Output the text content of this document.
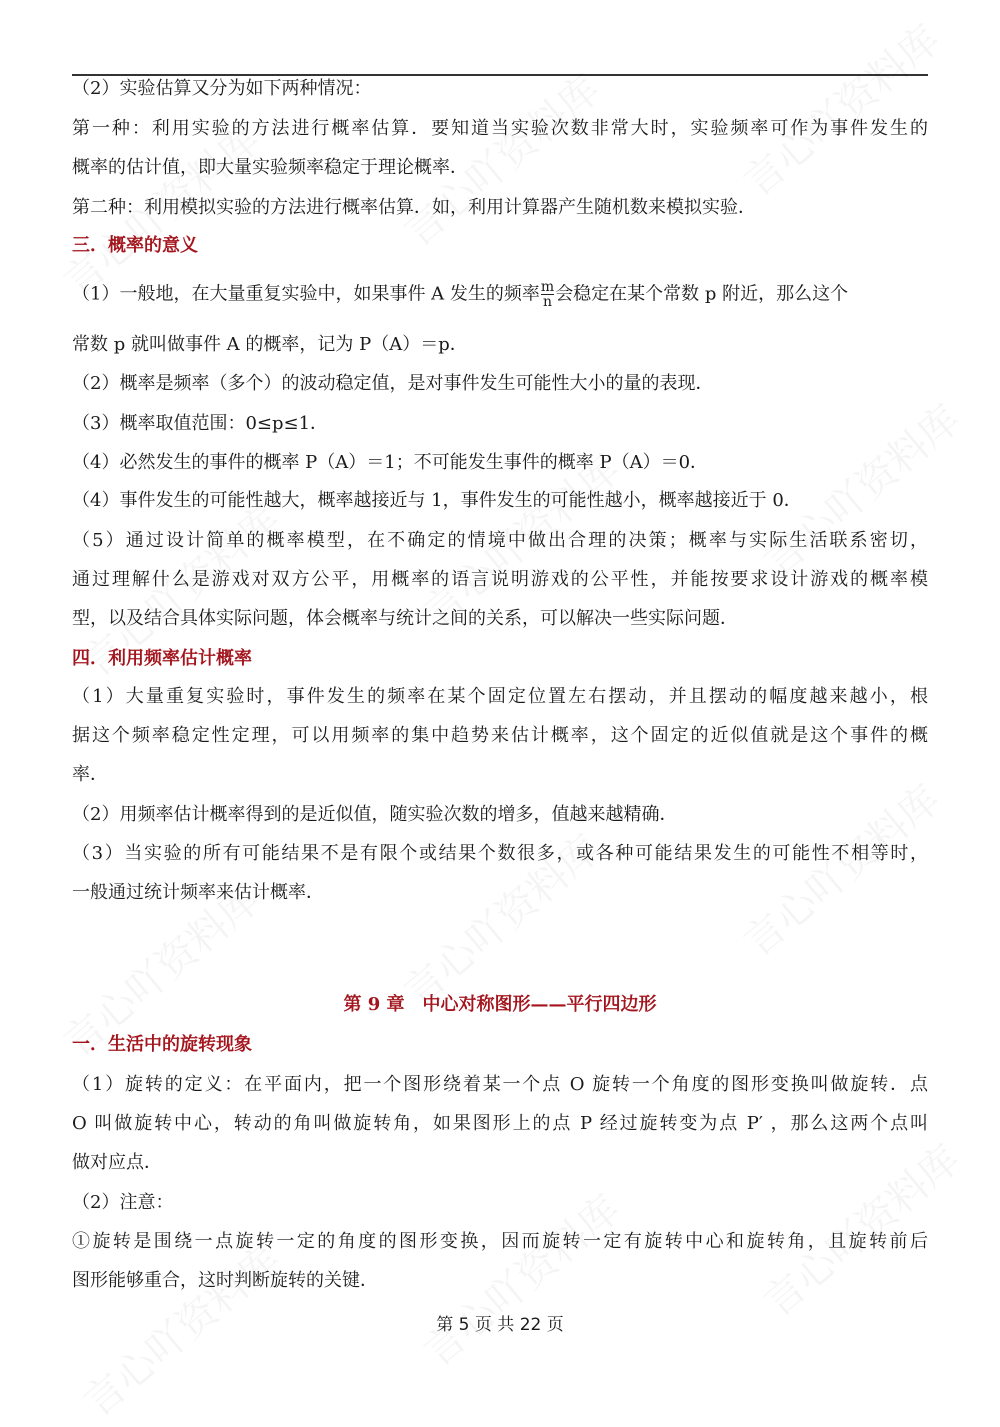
（2）实验估算又分为如下两种情况：
第一种：利用实验的方法进行概率估算．要知道当实验次数非常大时，实验频率可作为事件发生的
概率的估计值，即大量实验频率稳定于理论概率．
第二种：利用模拟实验的方法进行概率估算．如，利用计算器产生随机数来模拟实验．
三．概率的意义
（1）一般地，在大量重复实验中，如果事件 A 发生的频率 $\frac{m}{n}$ 会稳定在某个常数 p 附近，那么这个
常数 p 就叫做事件 A 的概率，记为 P（A）＝p．
（2）概率是频率（多个）的波动稳定值，是对事件发生可能性大小的量的表现．
（3）概率取值范围：0≤p≤1．
（4）必然发生的事件的概率 P（A）＝1；不可能发生事件的概率 P（A）＝0．
（4）事件发生的可能性越大，概率越接近与 1，事件发生的可能性越小，概率越接近于 0．
（5）通过设计简单的概率模型，在不确定的情境中做出合理的决策；概率与实际生活联系密切，
通过理解什么是游戏对双方公平，用概率的语言说明游戏的公平性，并能按要求设计游戏的概率模
型，以及结合具体实际问题，体会概率与统计之间的关系，可以解决一些实际问题．
四．利用频率估计概率
（1）大量重复实验时，事件发生的频率在某个固定位置左右摆动，并且摆动的幅度越来越小，根
据这个频率稳定性定理，可以用频率的集中趋势来估计概率，这个固定的近似值就是这个事件的概
率．
（2）用频率估计概率得到的是近似值，随实验次数的增多，值越来越精确．
（3）当实验的所有可能结果不是有限个或结果个数很多，或各种可能结果发生的可能性不相等时，
一般通过统计频率来估计概率．
第 9 章　中心对称图形——平行四边形
一．生活中的旋转现象
（1）旋转的定义：在平面内，把一个图形绕着某一个点 O 旋转一个角度的图形变换叫做旋转．点
O 叫做旋转中心，转动的角叫做旋转角，如果图形上的点 P 经过旋转变为点 P′ ，那么这两个点叫
做对应点．
（2）注意：
①旋转是围绕一点旋转一定的角度的图形变换，因而旋转一定有旋转中心和旋转角，且旋转前后
图形能够重合，这时判断旋转的关键．
第 5 页 共 22 页
